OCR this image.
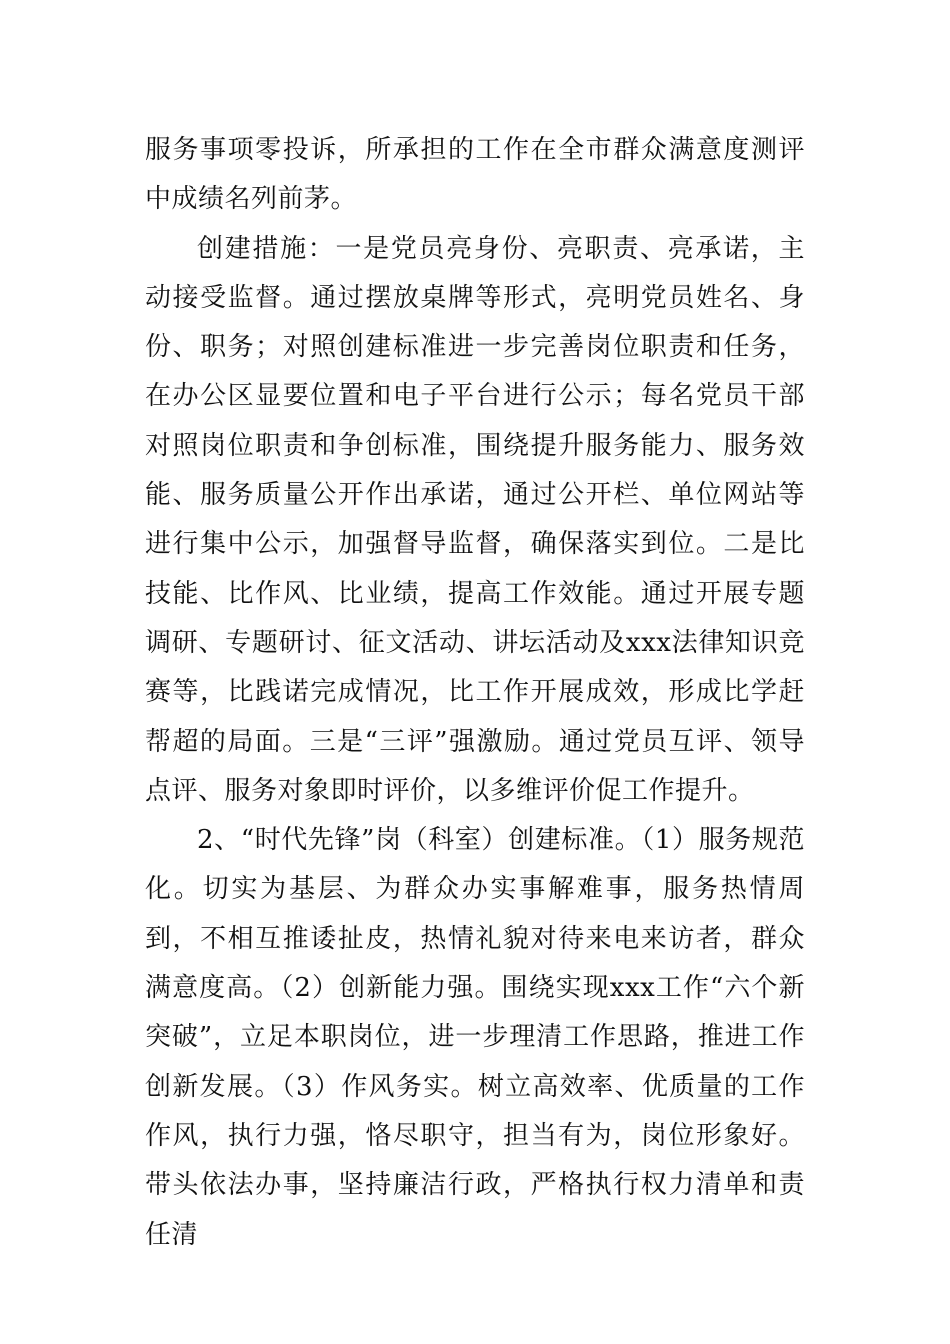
服务事项零投诉，所承担的工作在全市群众满意度测评中成绩名列前茅。

创建措施：一是党员亮身份、亮职责、亮承诺，主动接受监督。通过摆放桌牌等形式，亮明党员姓名、身份、职务；对照创建标准进一步完善岗位职责和任务，在办公区显要位置和电子平台进行公示；每名党员干部对照岗位职责和争创标准，围绕提升服务能力、服务效能、服务质量公开作出承诺，通过公开栏、单位网站等进行集中公示，加强督导监督，确保落实到位。二是比技能、比作风、比业绩，提高工作效能。通过开展专题调研、专题研讨、征文活动、讲坛活动及xxx法律知识竞赛等，比践诺完成情况，比工作开展成效，形成比学赶帮超的局面。三是“三评”强激励。通过党员互评、领导点评、服务对象即时评价，以多维评价促工作提升。

2、“时代先锋”岗（科室）创建标准。（1）服务规范化。切实为基层、为群众办实事解难事，服务热情周到，不相互推诿扯皮，热情礼貌对待来电来访者，群众满意度高。（2）创新能力强。围绕实现xxx工作“六个新突破”，立足本职岗位，进一步理清工作思路，推进工作创新发展。（3）作风务实。树立高效率、优质量的工作作风，执行力强，恪尽职守，担当有为，岗位形象好。带头依法办事，坚持廉洁行政，严格执行权力清单和责任清
